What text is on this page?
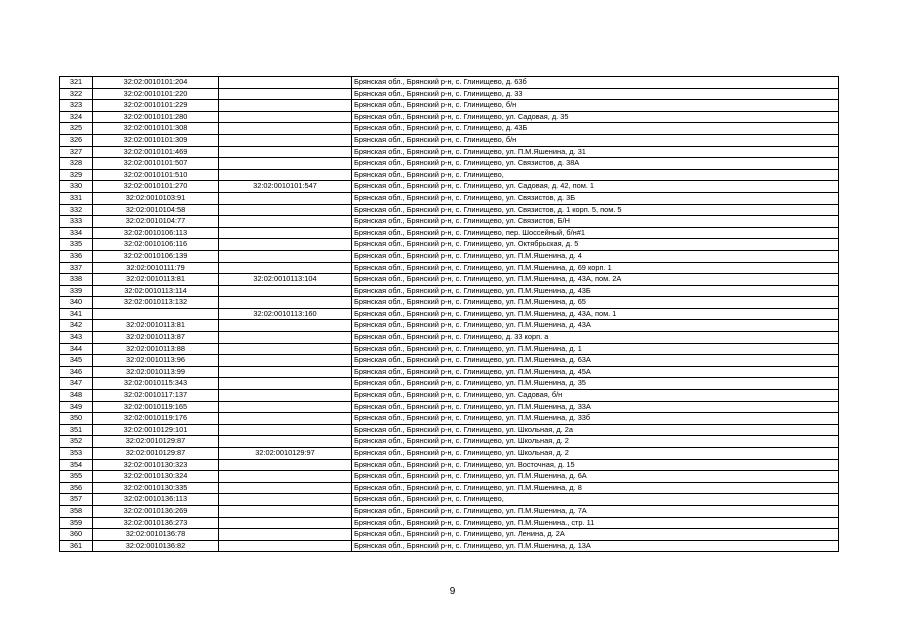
321	32:02:0010101:204		Брянская обл., Брянский р-н, с. Глинищево, д. 63б
322	32:02:0010101:220		Брянская обл., Брянский р-н, с. Глинищево, д. 33
323	32:02:0010101:229		Брянская обл., Брянский р-н, с. Глинищево, б/н
324	32:02:0010101:280		Брянская обл., Брянский р-н, с. Глинищево, ул. Садовая, д. 35
325	32:02:0010101:308		Брянская обл., Брянский р-н, с. Глинищево, д. 43Б
326	32:02:0010101:309		Брянская обл., Брянский р-н, с. Глинищево, б/н
327	32:02:0010101:469		Брянская обл., Брянский р-н, с. Глинищево, ул. П.М.Яшенина, д. 31
328	32:02:0010101:507		Брянская обл., Брянский р-н, с. Глинищево, ул. Связистов, д. 38А
329	32:02:0010101:510		Брянская обл., Брянский р-н, с. Глинищево,
330	32:02:0010101:270	32:02:0010101:547	Брянская обл., Брянский р-н, с. Глинищево, ул. Садовая, д. 42, пом. 1
331	32:02:0010103:91		Брянская обл., Брянский р-н, с. Глинищево, ул. Связистов, д. 3Б
332	32:02:0010104:58		Брянская обл., Брянский р-н, с. Глинищево, ул. Связистов, д. 1 корп. 5, пом. 5
333	32:02:0010104:77		Брянская обл., Брянский р-н, с. Глинищево, ул. Связистов, Б/Н
334	32:02:0010106:113		Брянская обл., Брянский р-н, с. Глинищево, пер. Шоссейный, б/н#1
335	32:02:0010106:116		Брянская обл., Брянский р-н, с. Глинищево, ул. Октябрьская, д. 5
336	32:02:0010106:139		Брянская обл., Брянский р-н, с. Глинищево, ул. П.М.Яшенина, д. 4
337	32:02:0010111:79		Брянская обл., Брянский р-н, с. Глинищево, ул. П.М.Яшенина, д. 69 корп. 1
338	32:02:0010113:81	32:02:0010113:104	Брянская обл., Брянский р-н, с. Глинищево, ул. П.М.Яшенина, д. 43А, пом. 2А
339	32:02:0010113:114		Брянская обл., Брянский р-н, с. Глинищево, ул. П.М.Яшенина, д. 43Б
340	32:02:0010113:132		Брянская обл., Брянский р-н, с. Глинищево, ул. П.М.Яшенина, д. 65
341		32:02:0010113:160	Брянская обл., Брянский р-н, с. Глинищево, ул. П.М.Яшенина, д. 43А, пом. 1
342	32:02:0010113:81		Брянская обл., Брянский р-н, с. Глинищево, ул. П.М.Яшенина, д. 43А
343	32:02:0010113:87		Брянская обл., Брянский р-н, с. Глинищево, д. 33 корп. а
344	32:02:0010113:88		Брянская обл., Брянский р-н, с. Глинищево, ул. П.М.Яшенина, д. 1
345	32:02:0010113:96		Брянская обл., Брянский р-н, с. Глинищево, ул. П.М.Яшенина, д. 63А
346	32:02:0010113:99		Брянская обл., Брянский р-н, с. Глинищево, ул. П.М.Яшенина, д. 45А
347	32:02:0010115:343		Брянская обл., Брянский р-н, с. Глинищево, ул. П.М.Яшенина, д. 35
348	32:02:0010117:137		Брянская обл., Брянский р-н, с. Глинищево, ул. Садовая, б/н
349	32:02:0010119:165		Брянская обл., Брянский р-н, с. Глинищево, ул. П.М.Яшенина, д. 33А
350	32:02:0010119:176		Брянская обл., Брянский р-н, с. Глинищево, ул. П.М.Яшенина, д. 33б
351	32:02:0010129:101		Брянская обл., Брянский р-н, с. Глинищево, ул. Школьная, д. 2а
352	32:02:0010129:87		Брянская обл., Брянский р-н, с. Глинищево, ул. Школьная, д. 2
353	32:02:0010129:87	32:02:0010129:97	Брянская обл., Брянский р-н, с. Глинищево, ул. Школьная, д. 2
354	32:02:0010130:323		Брянская обл., Брянский р-н, с. Глинищево, ул. Восточная, д. 15
355	32:02:0010130:324		Брянская обл., Брянский р-н, с. Глинищево, ул. П.М.Яшенина, д. 6А
356	32:02:0010130:335		Брянская обл., Брянский р-н, с. Глинищево, ул. П.М.Яшенина, д. 8
357	32:02:0010136:113		Брянская обл., Брянский р-н, с. Глинищево,
358	32:02:0010136:269		Брянская обл., Брянский р-н, с. Глинищево, ул. П.М.Яшенина, д. 7А
359	32:02:0010136:273		Брянская обл., Брянский р-н, с. Глинищево, ул. П.М.Яшенина., стр. 11
360	32:02:0010136:78		Брянская обл., Брянский р-н, с. Глинищево, ул. Ленина, д. 2А
361	32:02:0010136:82		Брянская обл., Брянский р-н, с. Глинищево, ул. П.М.Яшенина, д. 13А
9
